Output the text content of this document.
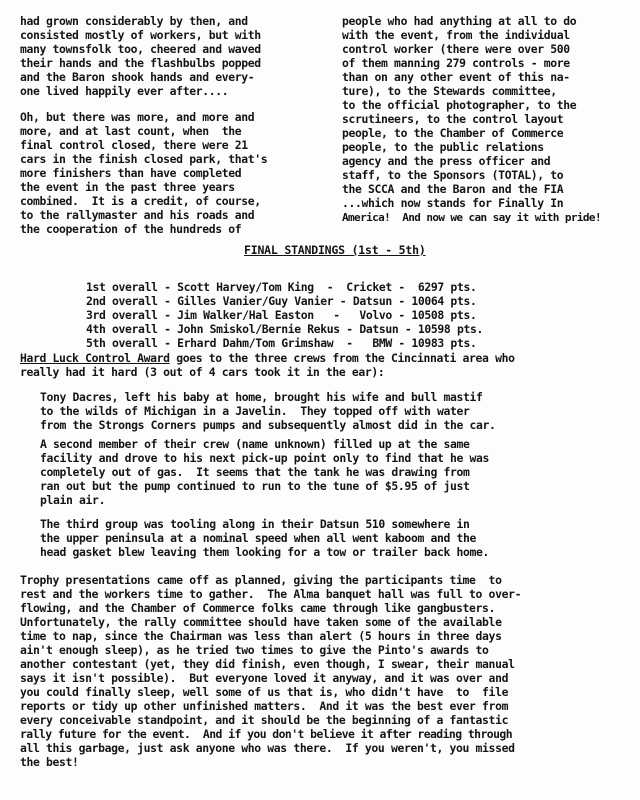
had grown considerably by then, and
consisted mostly of workers, but with
many townsfolk too, cheered and waved
their hands and the flashbulbs popped
and the Baron shook hands and every-
one lived happily ever after....
Oh, but there was more, and more and
more, and at last count, when  the
final control closed, there were 21
cars in the finish closed park, that's
more finishers than have completed
the event in the past three years
combined.  It is a credit, of course,
to the rallymaster and his roads and
the cooperation of the hundreds of
people who had anything at all to do
with the event, from the individual
control worker (there were over 500
of them manning 279 controls - more
than on any other event of this na-
ture), to the Stewards committee,
to the official photographer, to the
scrutineers, to the control layout
people, to the Chamber of Commerce
people, to the public relations
agency and the press officer and
staff, to the Sponsors (TOTAL), to
the SCCA and the Baron and the FIA
...which now stands for Finally In
America!  And now we can say it with pride!
FINAL STANDINGS (1st - 5th)
1st overall - Scott Harvey/Tom King  -  Cricket -  6297 pts.
2nd overall - Gilles Vanier/Guy Vanier - Datsun - 10064 pts.
3rd overall - Jim Walker/Hal Easton   -   Volvo - 10508 pts.
4th overall - John Smiskol/Bernie Rekus - Datsun - 10598 pts.
5th overall - Erhard Dahm/Tom Grimshaw  -   BMW - 10983 pts.
Hard Luck Control Award goes to the three crews from the Cincinnati area who
really had it hard (3 out of 4 cars took it in the ear):
Tony Dacres, left his baby at home, brought his wife and bull mastif
to the wilds of Michigan in a Javelin.  They topped off with water
from the Strongs Corners pumps and subsequently almost did in the car.
A second member of their crew (name unknown) filled up at the same
facility and drove to his next pick-up point only to find that he was
completely out of gas.  It seems that the tank he was drawing from
ran out but the pump continued to run to the tune of $5.95 of just
plain air.
The third group was tooling along in their Datsun 510 somewhere in
the upper peninsula at a nominal speed when all went kaboom and the
head gasket blew leaving them looking for a tow or trailer back home.
Trophy presentations came off as planned, giving the participants time  to
rest and the workers time to gather.  The Alma banquet hall was full to over-
flowing, and the Chamber of Commerce folks came through like gangbusters.
Unfortunately, the rally committee should have taken some of the available
time to nap, since the Chairman was less than alert (5 hours in three days
ain't enough sleep), as he tried two times to give the Pinto's awards to
another contestant (yet, they did finish, even though, I swear, their manual
says it isn't possible).  But everyone loved it anyway, and it was over and
you could finally sleep, well some of us that is, who didn't have  to  file
reports or tidy up other unfinished matters.  And it was the best ever from
every conceivable standpoint, and it should be the beginning of a fantastic
rally future for the event.  And if you don't believe it after reading through
all this garbage, just ask anyone who was there.  If you weren't, you missed
the best!
